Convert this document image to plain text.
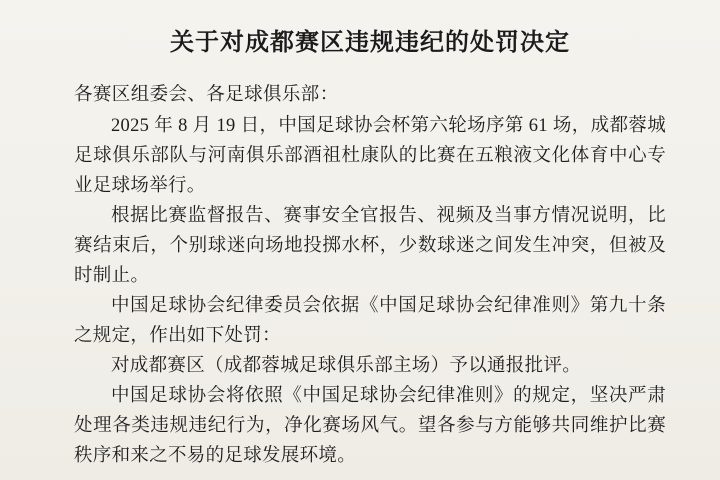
关于对成都赛区违规违纪的处罚决定

各赛区组委会、各足球俱乐部：

2025 年 8 月 19 日，中国足球协会杯第六轮场序第 61 场，成都蓉城足球俱乐部队与河南俱乐部酒祖杜康队的比赛在五粮液文化体育中心专业足球场举行。

根据比赛监督报告、赛事安全官报告、视频及当事方情况说明，比赛结束后，个别球迷向场地投掷水杯，少数球迷之间发生冲突，但被及时制止。

中国足球协会纪律委员会依据《中国足球协会纪律准则》第九十条之规定，作出如下处罚：

对成都赛区（成都蓉城足球俱乐部主场）予以通报批评。

中国足球协会将依照《中国足球协会纪律准则》的规定，坚决严肃处理各类违规违纪行为，净化赛场风气。望各参与方能够共同维护比赛秩序和来之不易的足球发展环境。
